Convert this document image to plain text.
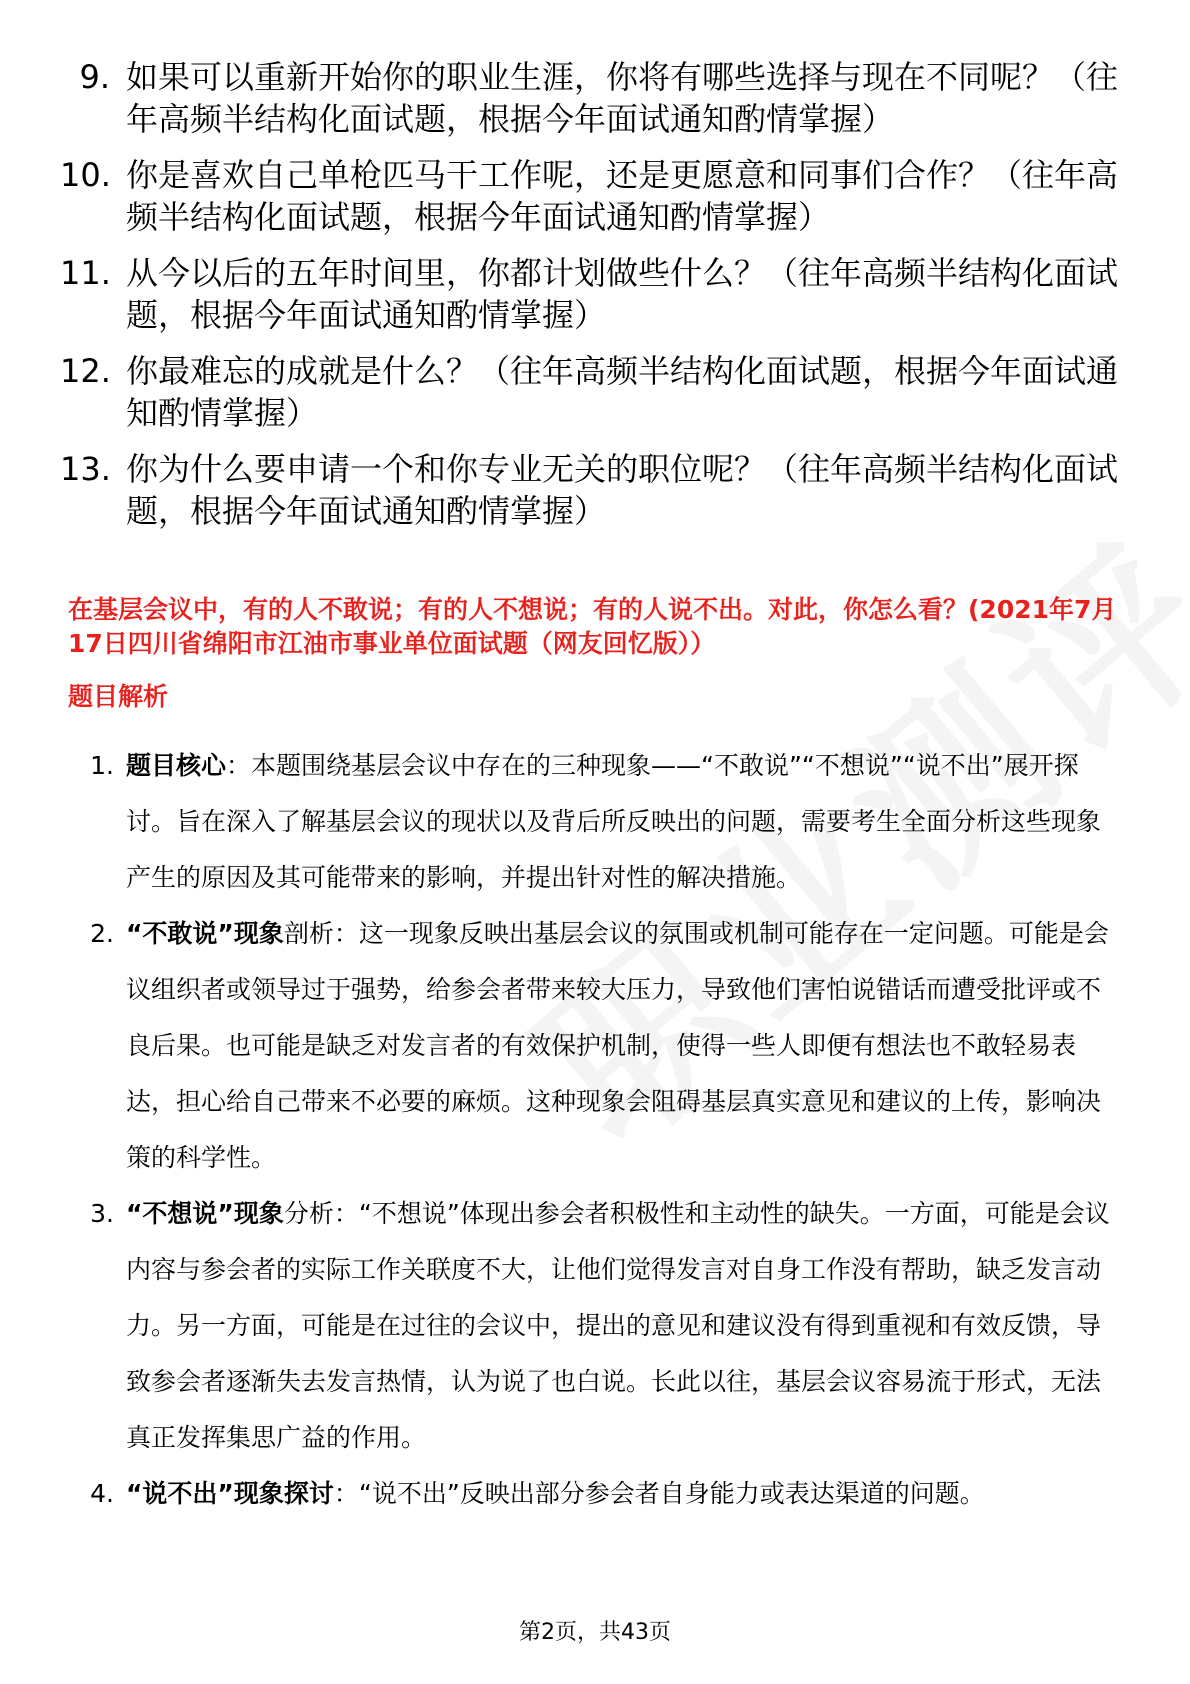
9. 如果可以重新开始你的职业生涯，你将有哪些选择与现在不同呢？（往年高频半结构化面试题，根据今年面试通知酌情掌握）
10. 你是喜欢自己单枪匹马干工作呢，还是更愿意和同事们合作？（往年高频半结构化面试题，根据今年面试通知酌情掌握）
11. 从今以后的五年时间里，你都计划做些什么？（往年高频半结构化面试题，根据今年面试通知酌情掌握）
12. 你最难忘的成就是什么？（往年高频半结构化面试题，根据今年面试通知酌情掌握）
13. 你为什么要申请一个和你专业无关的职位呢？（往年高频半结构化面试题，根据今年面试通知酌情掌握）
在基层会议中，有的人不敢说；有的人不想说；有的人说不出。对此，你怎么看？(2021年7月17日四川省绵阳市江油市事业单位面试题（网友回忆版））
题目解析
1. 题目核心：本题围绕基层会议中存在的三种现象——“不敢说”“不想说”“说不出”展开探讨。旨在深入了解基层会议的现状以及背后所反映出的问题，需要考生全面分析这些现象产生的原因及其可能带来的影响，并提出针对性的解决措施。
2. “不敢说”现象剖析：这一现象反映出基层会议的氛围或机制可能存在一定问题。可能是会议组织者或领导过于强势，给参会者带来较大压力，导致他们害怕说错话而遭受批评或不良后果。也可能是缺乏对发言者的有效保护机制，使得一些人即便有想法也不敢轻易表达，担心给自己带来不必要的麻烦。这种现象会阻碍基层真实意见和建议的上传，影响决策的科学性。
3. “不想说”现象分析：“不想说”体现出参会者积极性和主动性的缺失。一方面，可能是会议内容与参会者的实际工作关联度不大，让他们觉得发言对自身工作没有帮助，缺乏发言动力。另一方面，可能是在过往的会议中，提出的意见和建议没有得到重视和有效反馈，导致参会者逐渐失去发言热情，认为说了也白说。长此以往，基层会议容易流于形式，无法真正发挥集思广益的作用。
4. “说不出”现象探讨：“说不出”反映出部分参会者自身能力或表达渠道的问题。
第2页，共43页
